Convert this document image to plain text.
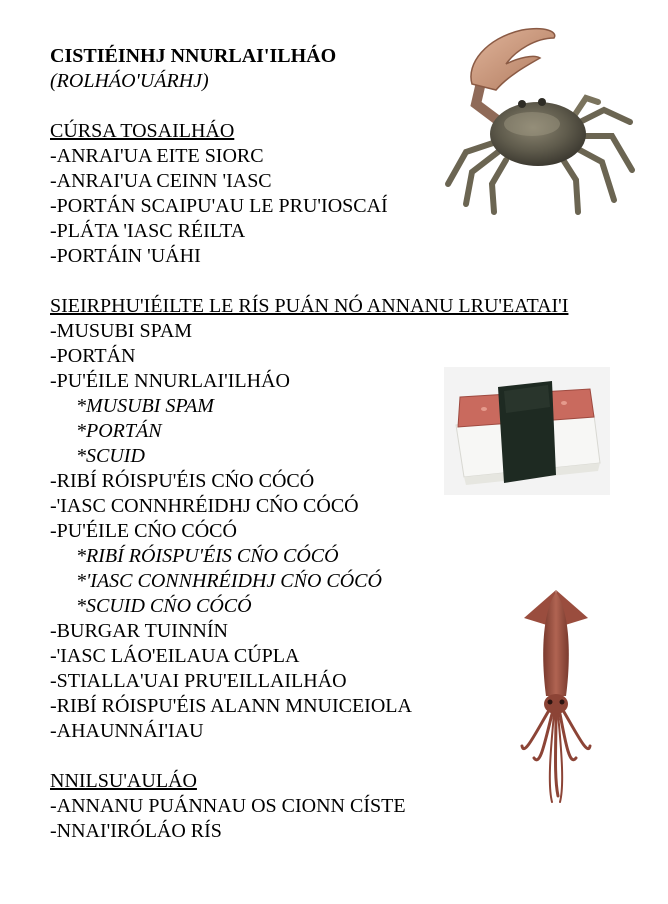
CISTIÉINHJ NNURLAI'ILHÁO

(ROLHÁO'UÁRHJ)

CÚRSA TOSAILHÁO

-ANRAI'UA EITE SIORC

-ANRAI'UA CEINN 'IASC

-PORTÁN SCAIPU'AU LE PRU'IOSCAÍ

-PLÁTA 'IASC RÉILTA

-PORTÁIN 'UÁHI

SIEIRPHU'IÉILTE LE RÍS PUÁN NÓ ANNANU LRU'EATAI'I

-MUSUBI SPAM

-PORTÁN

-PU'ÉILE NNURLAI'ILHÁO

*MUSUBI SPAM

*PORTÁN

*SCUID

-RIBÍ RÓISPU'ÉIS CŃO CÓCÓ

-'IASC CONNHRÉIDHJ CŃO CÓCÓ

-PU'ÉILE CŃO CÓCÓ

*RIBÍ RÓISPU'ÉIS CŃO CÓCÓ

*'IASC CONNHRÉIDHJ CŃO CÓCÓ

*SCUID CŃO CÓCÓ

-BURGAR TUINNÍN

-'IASC LÁO'EILAUA CÚPLA

-STIALLA'UAI PRU'EILLAILHÁO

-RIBÍ RÓISPU'ÉIS ALANN MNUICEIOLA

-AHAUNNÁI'IAU

NNILSU'AULÁO

-ANNANU PUÁNNAU OS CIONN CÍSTE

-NNAI'IRÓLÁO RÍS
